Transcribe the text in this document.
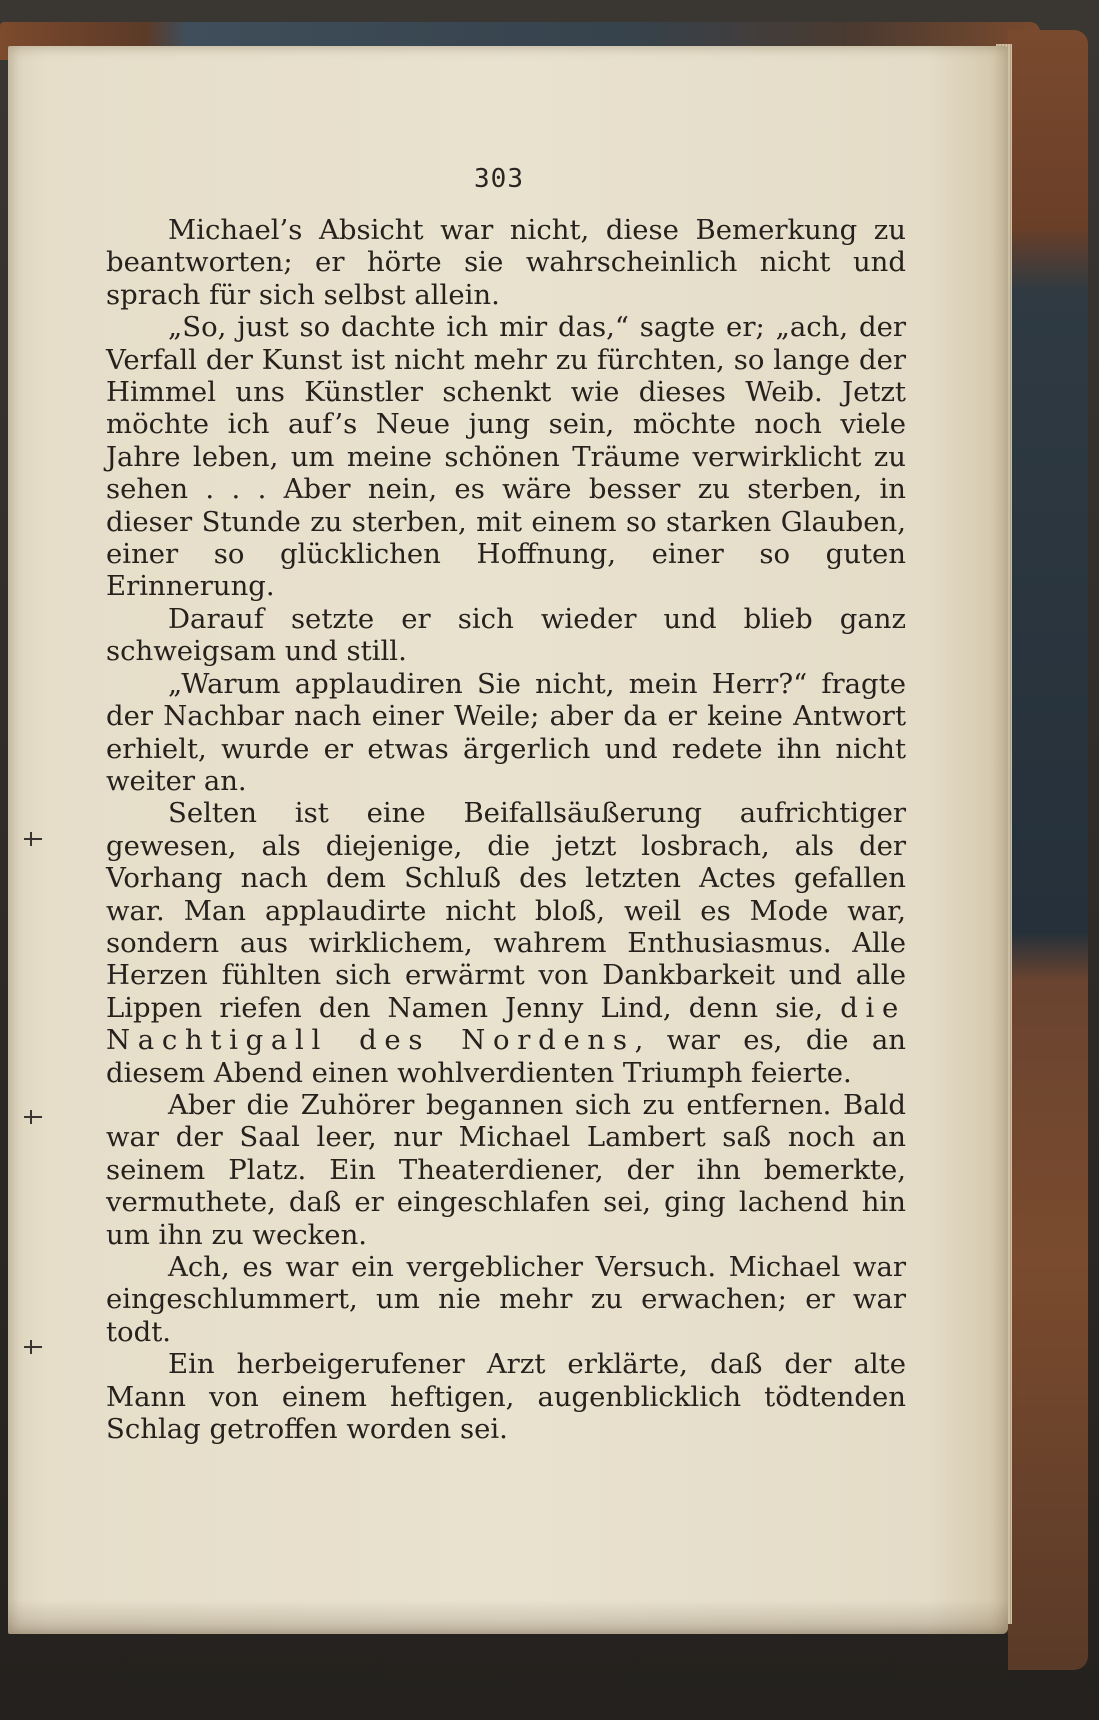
303

Michael’s Absicht war nicht, diese Bemerkung zu beantworten; er hörte sie wahrscheinlich nicht und sprach für sich selbst allein.

„So, just so dachte ich mir das,“ sagte er; „ach, der Verfall der Kunst ist nicht mehr zu fürchten, so lange der Himmel uns Künstler schenkt wie dieses Weib. Jetzt möchte ich auf’s Neue jung sein, möchte noch viele Jahre leben, um meine schönen Träume verwirklicht zu sehen . . . Aber nein, es wäre besser zu sterben, in dieser Stunde zu sterben, mit einem so starken Glauben, einer so glücklichen Hoffnung, einer so guten Erinnerung.

Darauf setzte er sich wieder und blieb ganz schweigsam und still.

„Warum applaudiren Sie nicht, mein Herr?“ fragte der Nachbar nach einer Weile; aber da er keine Antwort erhielt, wurde er etwas ärgerlich und redete ihn nicht weiter an.

Selten ist eine Beifallsäußerung aufrichtiger gewesen, als diejenige, die jetzt losbrach, als der Vorhang nach dem Schluß des letzten Actes gefallen war. Man applaudirte nicht bloß, weil es Mode war, sondern aus wirklichem, wahrem Enthusiasmus. Alle Herzen fühlten sich erwärmt von Dankbarkeit und alle Lippen riefen den Namen Jenny Lind, denn sie, die Nachtigall des Nordens, war es, die an diesem Abend einen wohlverdienten Triumph feierte.

Aber die Zuhörer begannen sich zu entfernen. Bald war der Saal leer, nur Michael Lambert saß noch an seinem Platz. Ein Theaterdiener, der ihn bemerkte, vermuthete, daß er eingeschlafen sei, ging lachend hin um ihn zu wecken.

Ach, es war ein vergeblicher Versuch. Michael war eingeschlummert, um nie mehr zu erwachen; er war todt.

Ein herbeigerufener Arzt erklärte, daß der alte Mann von einem heftigen, augenblicklich tödtenden Schlag getroffen worden sei.
